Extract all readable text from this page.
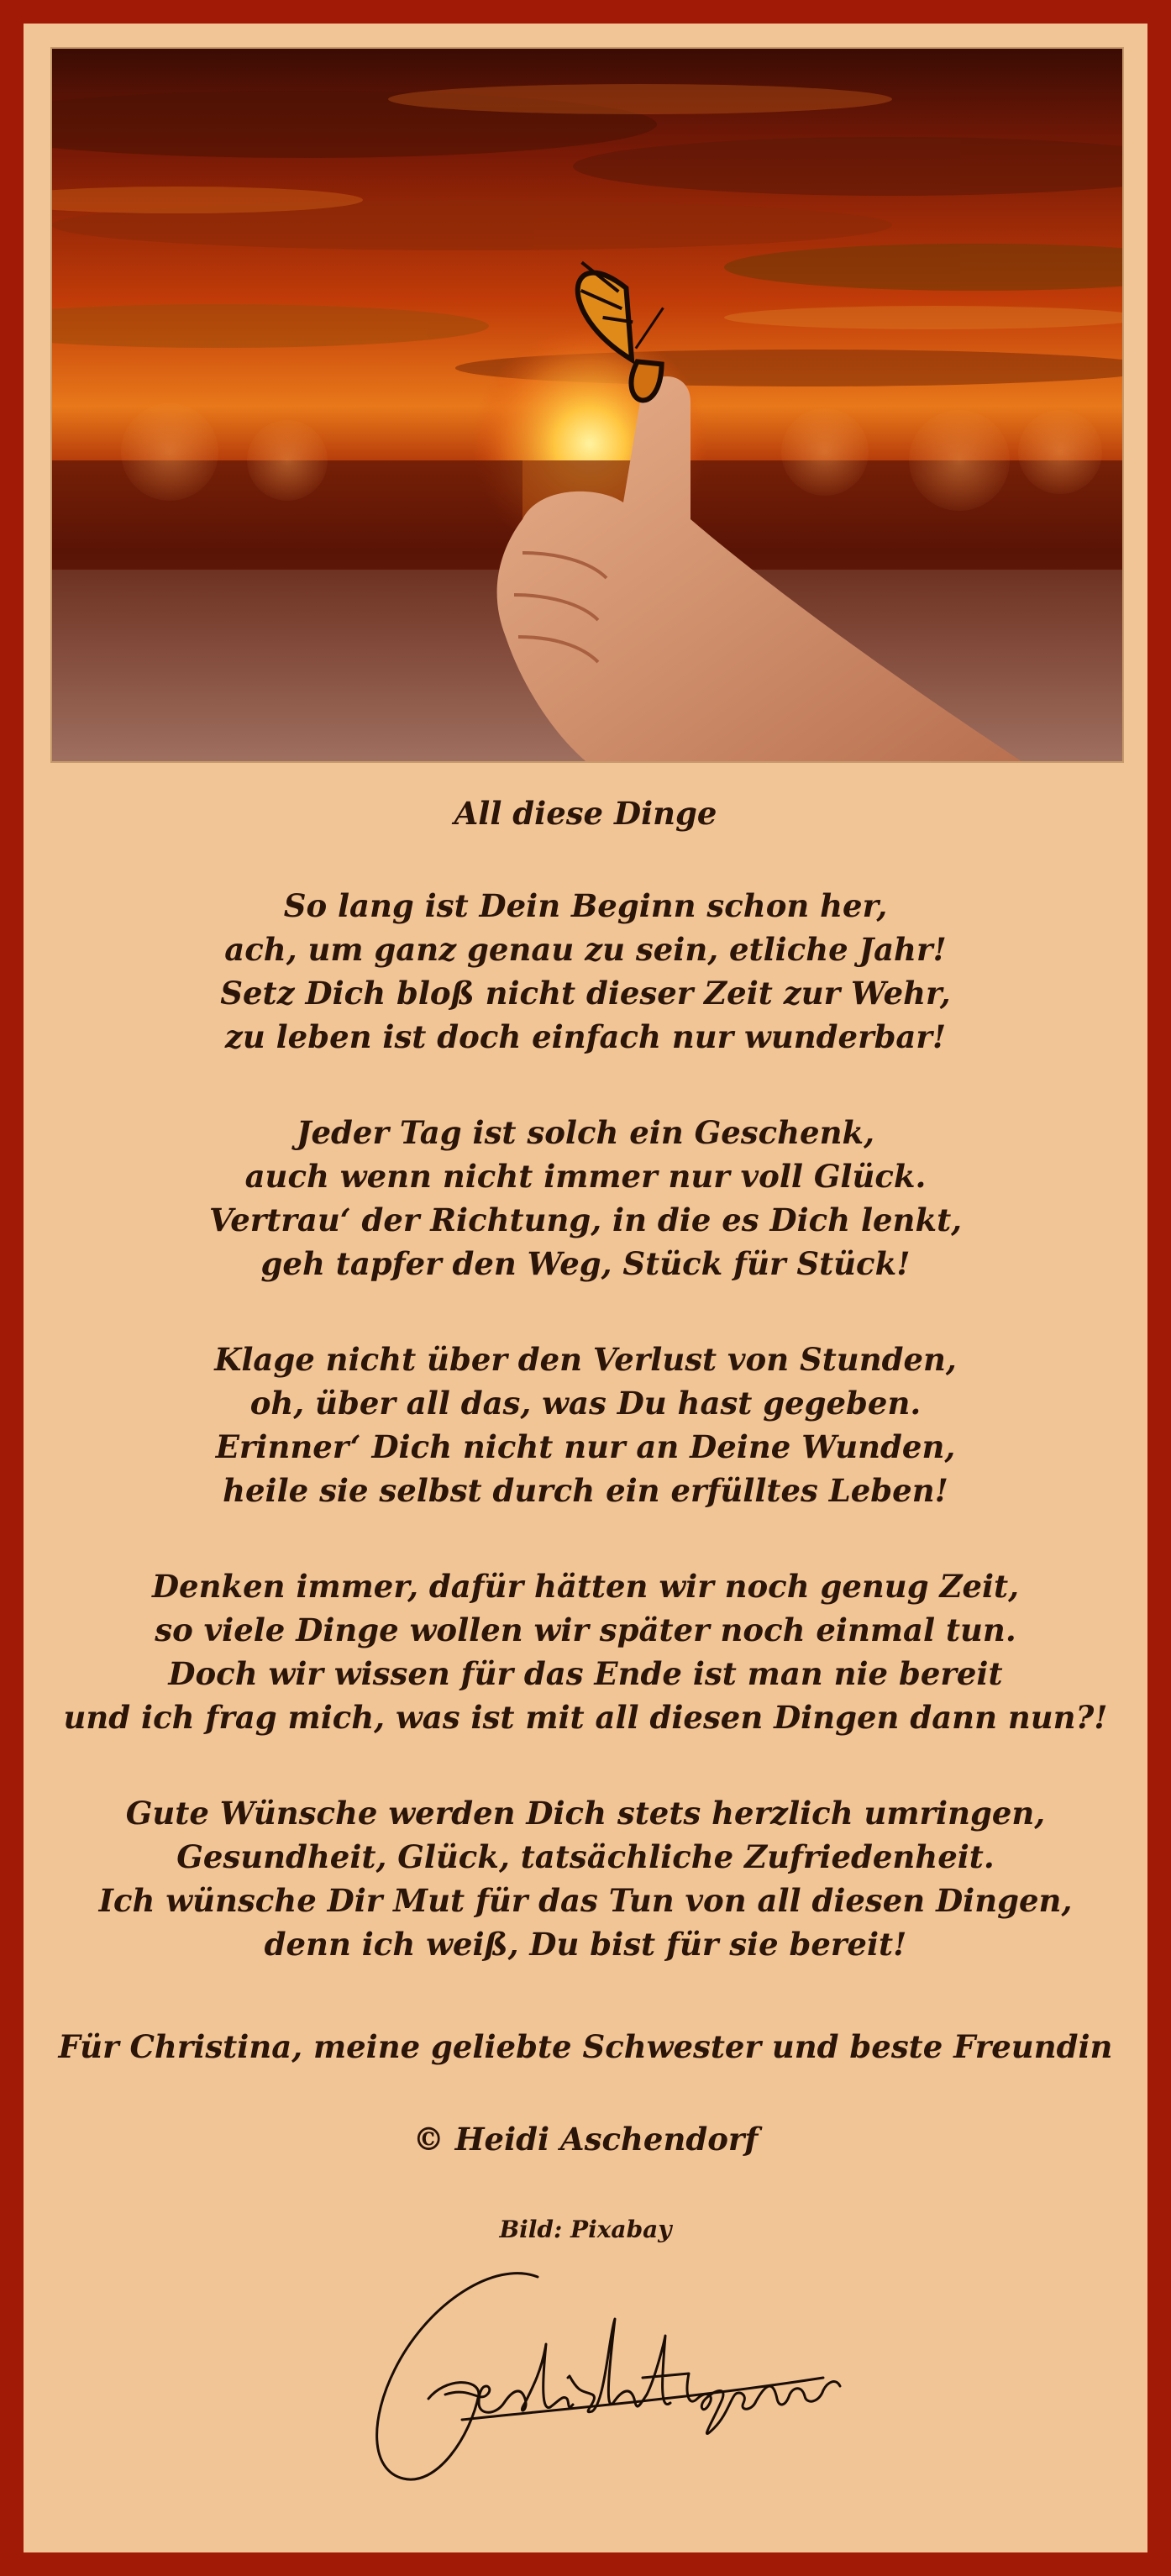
All diese Dinge
So lang ist Dein Beginn schon her,
ach, um ganz genau zu sein, etliche Jahr!
Setz Dich bloß nicht dieser Zeit zur Wehr,
zu leben ist doch einfach nur wunderbar!
Jeder Tag ist solch ein Geschenk,
auch wenn nicht immer nur voll Glück.
Vertrau‘ der Richtung, in die es Dich lenkt,
geh tapfer den Weg, Stück für Stück!
Klage nicht über den Verlust von Stunden,
oh, über all das, was Du hast gegeben.
Erinner‘ Dich nicht nur an Deine Wunden,
heile sie selbst durch ein erfülltes Leben!
Denken immer, dafür hätten wir noch genug Zeit,
so viele Dinge wollen wir später noch einmal tun.
Doch wir wissen für das Ende ist man nie bereit
und ich frag mich, was ist mit all diesen Dingen dann nun?!
Gute Wünsche werden Dich stets herzlich umringen,
Gesundheit, Glück, tatsächliche Zufriedenheit.
Ich wünsche Dir Mut für das Tun von all diesen Dingen,
denn ich weiß, Du bist für sie bereit!
Für Christina, meine geliebte Schwester und beste Freundin
© Heidi Aschendorf
Bild: Pixabay
